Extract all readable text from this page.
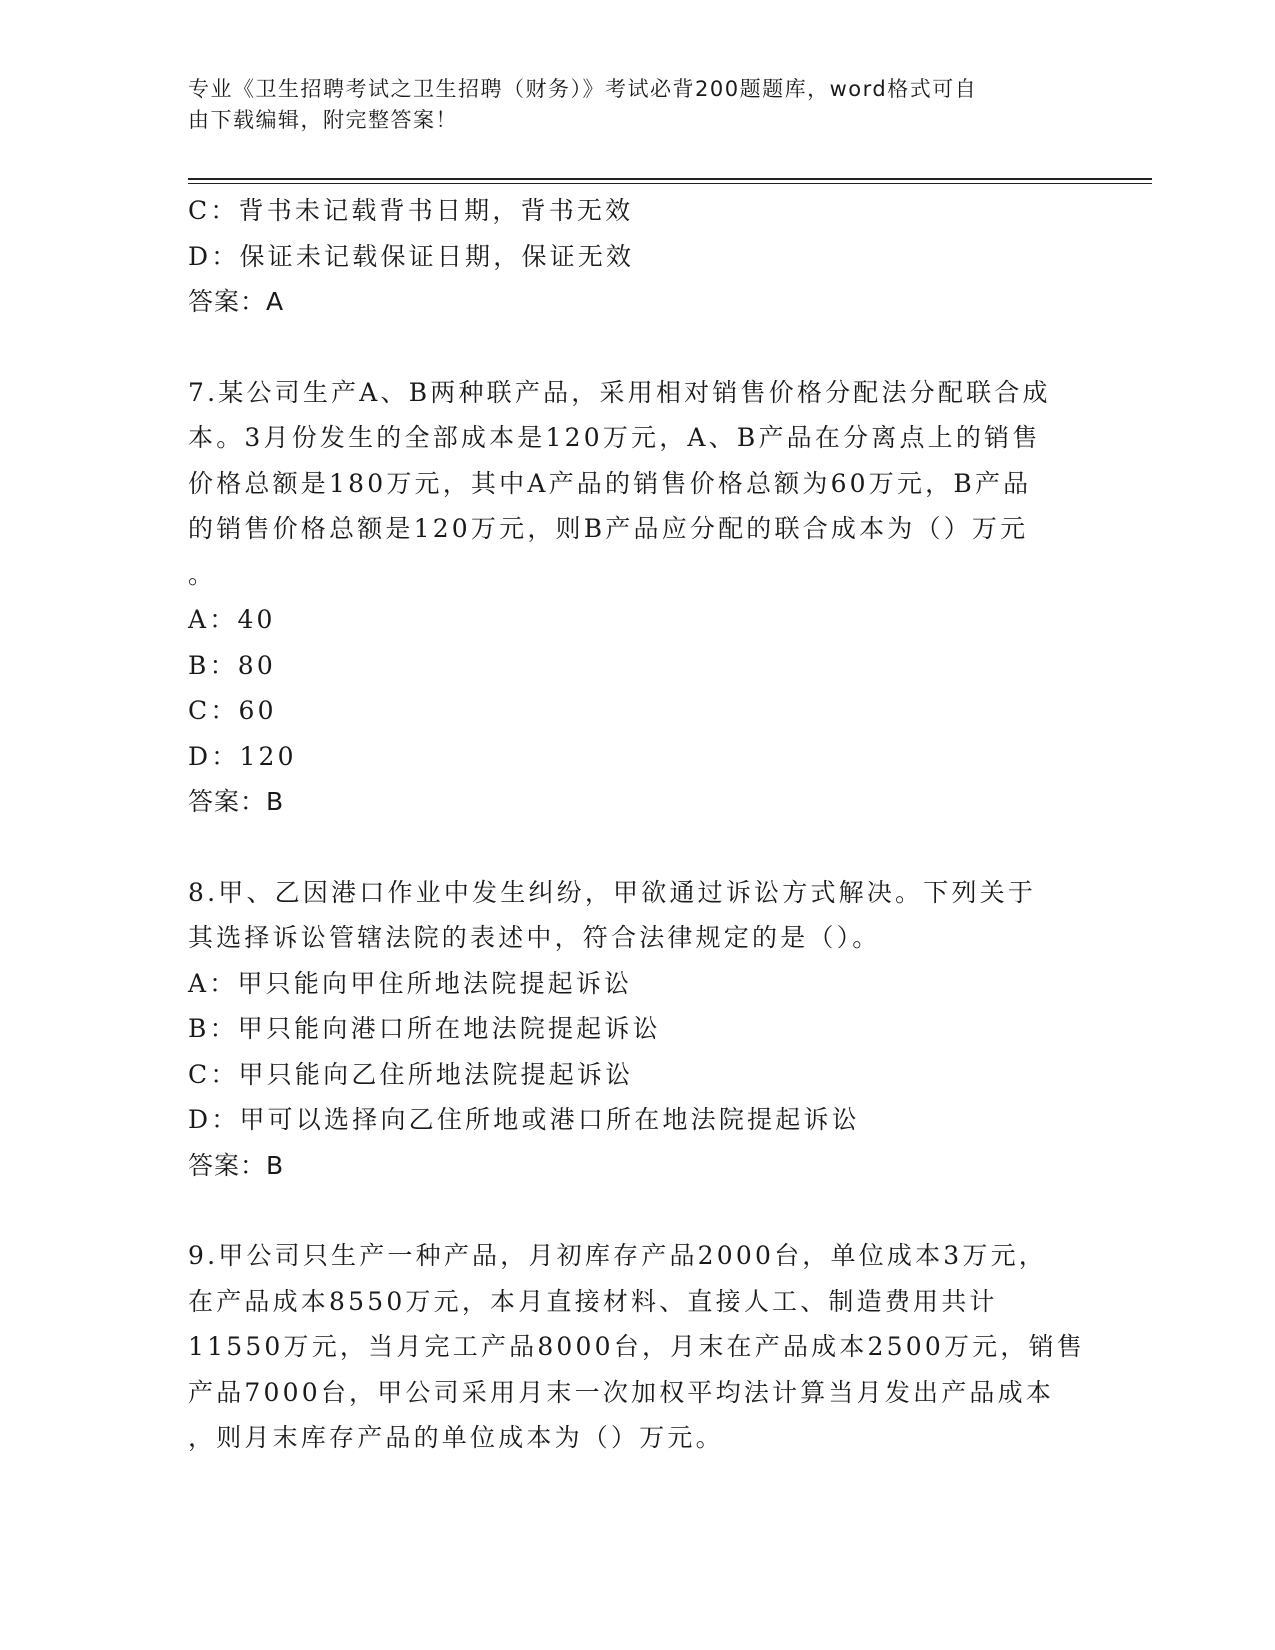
专业《卫生招聘考试之卫生招聘（财务）》考试必背200题题库，word格式可自
由下载编辑，附完整答案！
C：背书未记载背书日期，背书无效
D：保证未记载保证日期，保证无效
答案：A
7.某公司生产A、B两种联产品，采用相对销售价格分配法分配联合成
本。3月份发生的全部成本是120万元，A、B产品在分离点上的销售
价格总额是180万元，其中A产品的销售价格总额为60万元，B产品
的销售价格总额是120万元，则B产品应分配的联合成本为（）万元
。
A：40
B：80
C：60
D：120
答案：B
8.甲、乙因港口作业中发生纠纷，甲欲通过诉讼方式解决。下列关于
其选择诉讼管辖法院的表述中，符合法律规定的是（）。
A：甲只能向甲住所地法院提起诉讼
B：甲只能向港口所在地法院提起诉讼
C：甲只能向乙住所地法院提起诉讼
D：甲可以选择向乙住所地或港口所在地法院提起诉讼
答案：B
9.甲公司只生产一种产品，月初库存产品2000台，单位成本3万元，
在产品成本8550万元，本月直接材料、直接人工、制造费用共计
11550万元，当月完工产品8000台，月末在产品成本2500万元，销售
产品7000台，甲公司采用月末一次加权平均法计算当月发出产品成本
，则月末库存产品的单位成本为（）万元。
